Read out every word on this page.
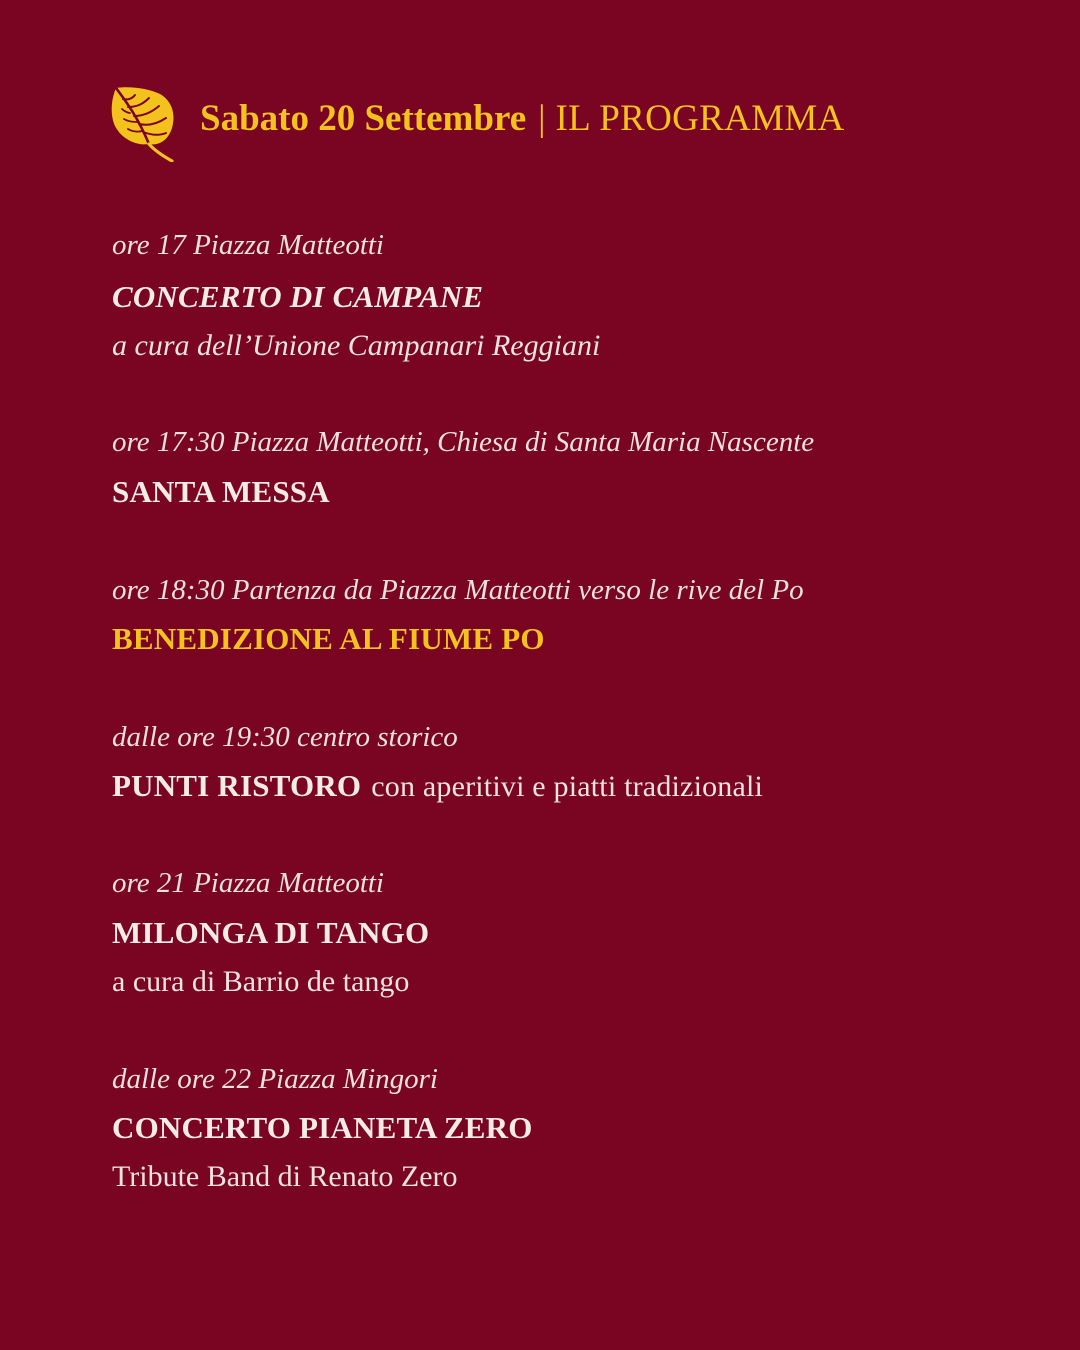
Sabato 20 Settembre | IL PROGRAMMA
ore 17 Piazza Matteotti
CONCERTO DI CAMPANE
a cura dell’Unione Campanari Reggiani
ore 17:30 Piazza Matteotti, Chiesa di Santa Maria Nascente
SANTA MESSA
ore 18:30 Partenza da Piazza Matteotti verso le rive del Po
BENEDIZIONE AL FIUME PO
dalle ore 19:30 centro storico
PUNTI RISTORO con aperitivi e piatti tradizionali
ore 21 Piazza Matteotti
MILONGA DI TANGO
a cura di Barrio de tango
dalle ore 22 Piazza Mingori
CONCERTO PIANETA ZERO
Tribute Band di Renato Zero
